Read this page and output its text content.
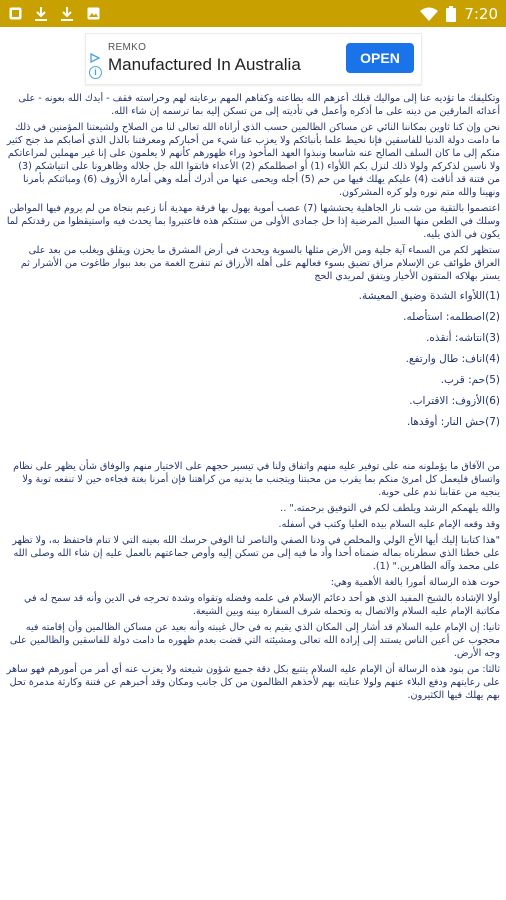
7:20
i
REMKO
Manufactured In Australia	OPEN

وتكليفك ما تؤديه عنا إلى مواليك قبلك أعزهم الله بطاعته وكفاهم المهم برعايته لهم وحراسته فقف - أيدك الله بعونه - على أعدائه المارقين من دينه على ما أذكره وأعمل في تأديته إلى من تسكن إليه بما ترسمه إن شاء الله.

نحن وإن كنا ثاوين بمكاننا النائي عن مساكن الظالمين حسب الذي أراناه الله تعالى لنا من الصلاح ولشيعتنا المؤمنين في ذلك ما دامت دولة الدنيا للفاسقين فإنا نحيط علما بأنبائكم ولا يعزب عنا شيء من أخباركم ومعرفتنا بالذل الذي أصابكم مذ جنح كثير منكم إلى ما كان السلف الصالح عنه شاسعا ونبذوا العهد المأخوذ وراء ظهورهم كأنهم لا يعلمون على إنا غير مهملين لمراعاتكم ولا ناسين لذكركم ولولا ذلك لنزل بكم اللأواء (1) أو اصطلمكم (2) الأعداء فاتقوا الله جل جلاله وظاهرونا على انتياشكم (3) من فتنة قد أنافت (4) عليكم يهلك فيها من حم (5) أجله ويحمى عنها من أدرك أمله وهي أمارة الأزوف (6) ومباثتكم بأمرنا ونهينا والله متم نوره ولو كره المشركون.

اعتصموا بالتقية من شب نار الجاهلية يحششها (7) عصب أموية يهول بها فرقة مهدية أنا زعيم بنجاة من لم يروم فيها المواطن وسلك في الطعن منها السبل المرضية إذا حل جمادى الأولى من سنتكم هذه فاعتبروا بما يحدث فيه واستيقظوا من رقدتكم لما يكون في الذي يليه.

ستظهر لكم من السماء آية جلية ومن الأرض مثلها بالسوية ويحدث في أرض المشرق ما يحزن ويقلق ويغلب من بعد على العراق طوائف عن الإسلام مراق تضيق بسوء فعالهم على أهله الأرزاق ثم تنفرج الغمة من بعد ببوار طاغوت من الأشرار ثم يستر بهلاكه المتقون الأخيار ويتفق لمريدي الحج

(1)اللأواء الشدة وضيق المعيشة.

(2)اصطلمه: استأصله.

(3)انتاشه: أنقذه.

(4)اناف: طال وارتفع.

(5)حم: قرب.

(6)الأزوف: الاقتراب.

(7)حش النار: أوقدها.

من الآفاق ما يؤملونه منه على توفير عليه منهم واتفاق ولنا في تيسير حجهم على الاختيار منهم والوفاق شأن يظهر على نظام واتساق فليعمل كل امرئ منكم بما يقرب من محبتنا ويتجنب ما يدنيه من كراهتنا فإن أمرنا بغتة فجاءه حين لا تنفعه توبة ولا ينجيه من عقابنا ندم على حوبة.

والله يلهمكم الرشد ويلطف لكم في التوفيق برحمته." ..

وقد وقعه الإمام عليه السلام بيده العليا وكتب في أسفله.

"هذا كتابنا إليك أيها الأخ الولي والمخلص في ودنا الصفي والناصر لنا الوفي حرسك الله بعينه التي لا تنام فاحتفظ به، ولا تظهر على خطنا الذي سطرناه بماله ضمناه أحدا وأد ما فيه إلى من تسكن إليه وأوص جماعتهم بالعمل عليه إن شاء الله وصلى الله على محمد وآله الطاهرين." (1).

حوت هذه الرسالة أمورا بالغة الأهمية وهي:

أولا الإشادة بالشيخ المفيد الذي هو أحد دعائم الإسلام في علمه وفضله وتقواه وشدة تحرجه في الدين وأنه قد سمح له في مكاتبة الإمام عليه السلام والاتصال به وتحمله شرف السفارة بينه وبين الشيعة.

ثانيا: إن الإمام عليه السلام قد أشار إلى المكان الذي يقيم به في حال غيبته وأنه بعيد عن مساكن الظالمين وأن إقامته فيه محجوب عن أعين الناس يستند إلى إرادة الله تعالى ومشيئته التي قضت بعدم ظهوره ما دامت دولة للفاسقين والظالمين على وجه الأرض.

ثالثا: من بنود هذه الرسالة أن الإمام عليه السلام يتتبع بكل دقة جميع شؤون شيعته ولا يعزب عنه أي أمر من أمورهم فهو ساهر على رعايتهم ودفع البلاء عنهم ولولا عنايته بهم لأخذهم الظالمون من كل جانب ومكان وقد أخبرهم عن فتنة وكارثة مدمرة تحل بهم يهلك فيها الكثيرون.
